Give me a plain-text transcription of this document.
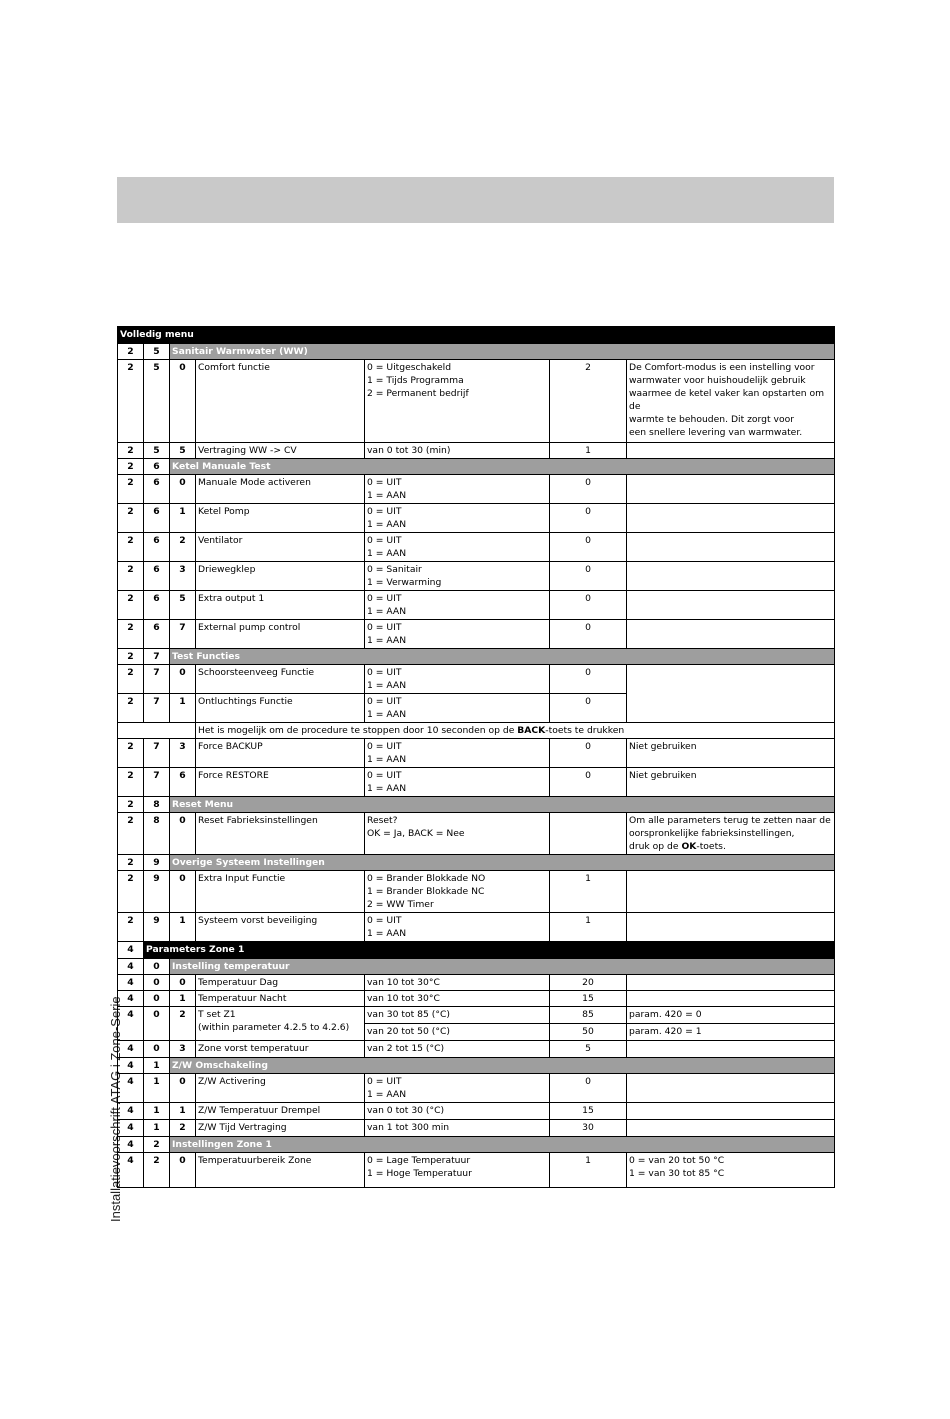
Installatievoorschrift ATAG i Zone-Serie
Volledig menu						
2	5	Sanitair Warmwater (WW)				
2	5	0	Comfort functie	0 = Uitgeschakeld
1 = Tijds Programma
2 = Permanent bedrijf	2	De Comfort-modus is een instelling voor
warmwater voor huishoudelijk gebruik
waarmee de ketel vaker kan opstarten om de
warmte te behouden. Dit zorgt voor
een snellere levering van warmwater.
2	5	5	Vertraging WW -> CV	van 0 tot 30 (min)	1	
2	6	Ketel Manuale Test				
2	6	0	Manuale Mode activeren	0 = UIT
1 = AAN	0	
2	6	1	Ketel Pomp	0 = UIT
1 = AAN	0	
2	6	2	Ventilator	0 = UIT
1 = AAN	0	
2	6	3	Driewegklep	0 = Sanitair
1 = Verwarming	0	
2	6	5	Extra output 1	0 = UIT
1 = AAN	0	
2	6	7	External pump control	0 = UIT
1 = AAN	0	
2	7	Test Functies				
2	7	0	Schoorsteenveeg Functie	0 = UIT
1 = AAN	0	
2	7	1	Ontluchtings Functie	0 = UIT
1 = AAN	0	
			Het is mogelijk om de procedure te stoppen door 10 seconden op de BACK-toets te drukken			
2	7	3	Force BACKUP	0 = UIT
1 = AAN	0	Niet gebruiken
2	7	6	Force RESTORE	0 = UIT
1 = AAN	0	Niet gebruiken
2	8	Reset Menu				
2	8	0	Reset Fabrieksinstellingen	Reset?
OK = Ja, BACK = Nee		Om alle parameters terug te zetten naar de
oorspronkelijke fabrieksinstellingen,
druk op de OK-toets.
2	9	Overige Systeem Instellingen				
2	9	0	Extra Input Functie	0 = Brander Blokkade NO
1 = Brander Blokkade NC
2 = WW Timer	1	
2	9	1	Systeem vorst beveiliging	0 = UIT
1 = AAN	1	
4	Parameters Zone 1					
4	0	Instelling temperatuur				
4	0	0	Temperatuur Dag	van 10 tot 30°C	20	
4	0	1	Temperatuur Nacht	van 10 tot 30°C	15	
4	0	2	T set Z1
(within parameter 4.2.5 to 4.2.6)	van 30 tot 85 (°C)	85	param. 420 = 0
				van 20 tot 50 (°C)	50	param. 420 = 1
4	0	3	Zone vorst temperatuur	van 2 tot 15 (°C)	5	
4	1	Z/W Omschakeling				
4	1	0	Z/W Activering	0 = UIT
1 = AAN	0	
4	1	1	Z/W Temperatuur Drempel	van 0 tot 30 (°C)	15	
4	1	2	Z/W Tijd Vertraging	van 1 tot 300 min	30	
4	2	Instellingen Zone 1				
4	2	0	Temperatuurbereik Zone	0 = Lage Temperatuur
1 = Hoge Temperatuur	1	0 = van 20 tot 50 °C
1 = van 30 tot 85 °C
